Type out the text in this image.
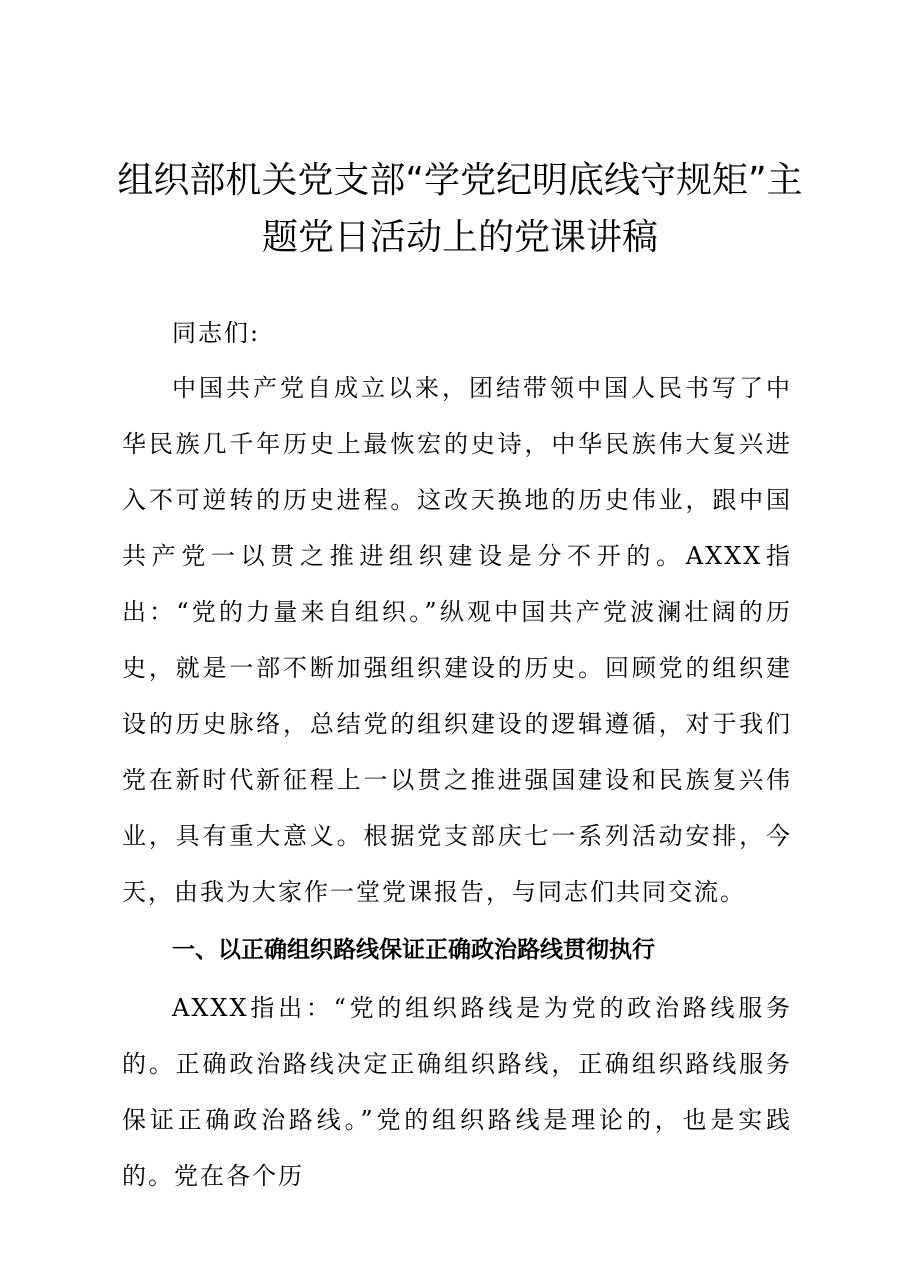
组织部机关党支部“学党纪明底线守规矩”主
题党日活动上的党课讲稿

同志们:

中国共产党自成立以来，团结带领中国人民书写了中华民族几千年历史上最恢宏的史诗，中华民族伟大复兴进入不可逆转的历史进程。这改天换地的历史伟业，跟中国共产党一以贯之推进组织建设是分不开的。AXXX指出：“党的力量来自组织。”纵观中国共产党波澜壮阔的历史，就是一部不断加强组织建设的历史。回顾党的组织建设的历史脉络，总结党的组织建设的逻辑遵循，对于我们党在新时代新征程上一以贯之推进强国建设和民族复兴伟业，具有重大意义。根据党支部庆七一系列活动安排，今天，由我为大家作一堂党课报告，与同志们共同交流。

一、以正确组织路线保证正确政治路线贯彻执行

AXXX指出：“党的组织路线是为党的政治路线服务的。正确政治路线决定正确组织路线，正确组织路线服务保证正确政治路线。”党的组织路线是理论的，也是实践的。党在各个历
